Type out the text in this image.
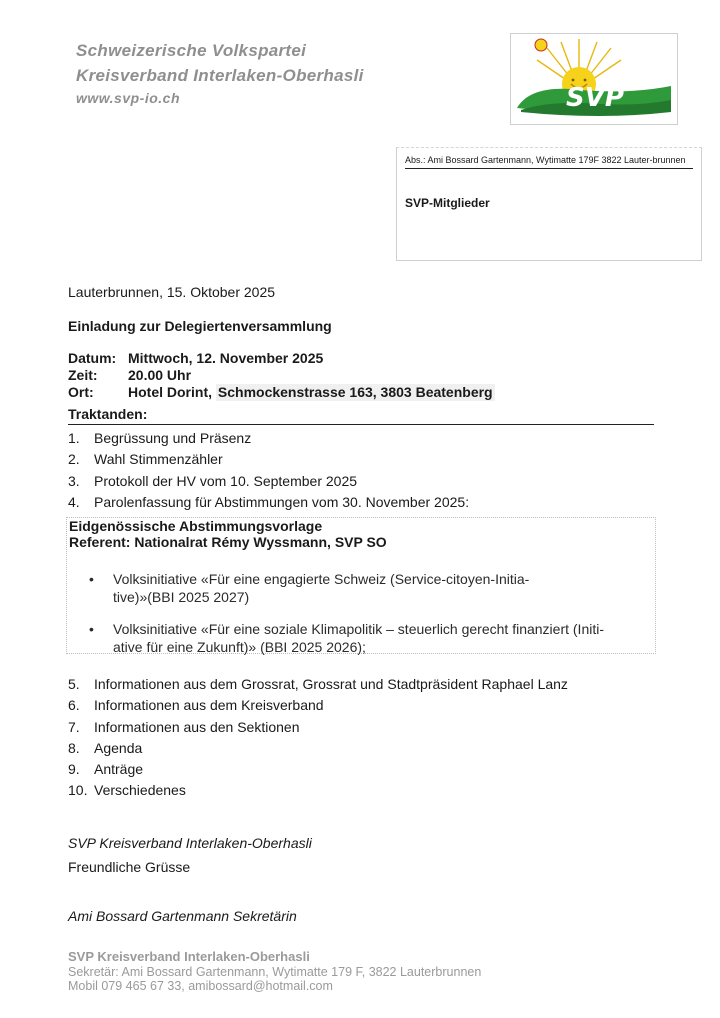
Schweizerische Volkspartei
Kreisverband Interlaken-Oberhasli
www.svp-io.ch	SVP
Abs.: Ami Bossard Gartenmann, Wytimatte 179F 3822 Lauter-brunnen
SVP-Mitglieder
Lauterbrunnen, 15. Oktober 2025
Einladung zur Delegiertenversammlung
Datum: Mittwoch, 12. November 2025
Zeit:	20.00 Uhr
Ort:	Hotel Dorint,
Schmockenstrasse 163, 3803 Beatenberg
Traktanden:
1.	Begrüssung und Präsenz
2.	Wahl Stimmenzähler
3.	Protokoll der HV vom 10. September 2025
4.	Parolenfassung für Abstimmungen vom 30. November 2025:
Eidgenössische Abstimmungsvorlage
Referent: Nationalrat Rémy Wyssmann, SVP SO
•	Volksinitiative «Für eine engagierte Schweiz (Service-citoyen-Initia-
tive)»(BBI 2025 2027)
•	Volksinitiative «Für eine soziale Klimapolitik – steuerlich gerecht finanziert (Initi-
ative für eine Zukunft)» (BBI 2025 2026);
5.	Informationen aus dem Grossrat, Grossrat und Stadtpräsident Raphael Lanz
6.	Informationen aus dem Kreisverband
7.	Informationen aus den Sektionen
8.	Agenda
9.	Anträge
10. Verschiedenes
SVP Kreisverband Interlaken-Oberhasli
Freundliche Grüsse
Ami Bossard Gartenmann Sekretärin
SVP Kreisverband Interlaken-Oberhasli
Sekretär: Ami Bossard Gartenmann, Wytimatte 179 F, 3822 Lauterbrunnen
Mobil 079 465 67 33, amibossard@hotmail.com
